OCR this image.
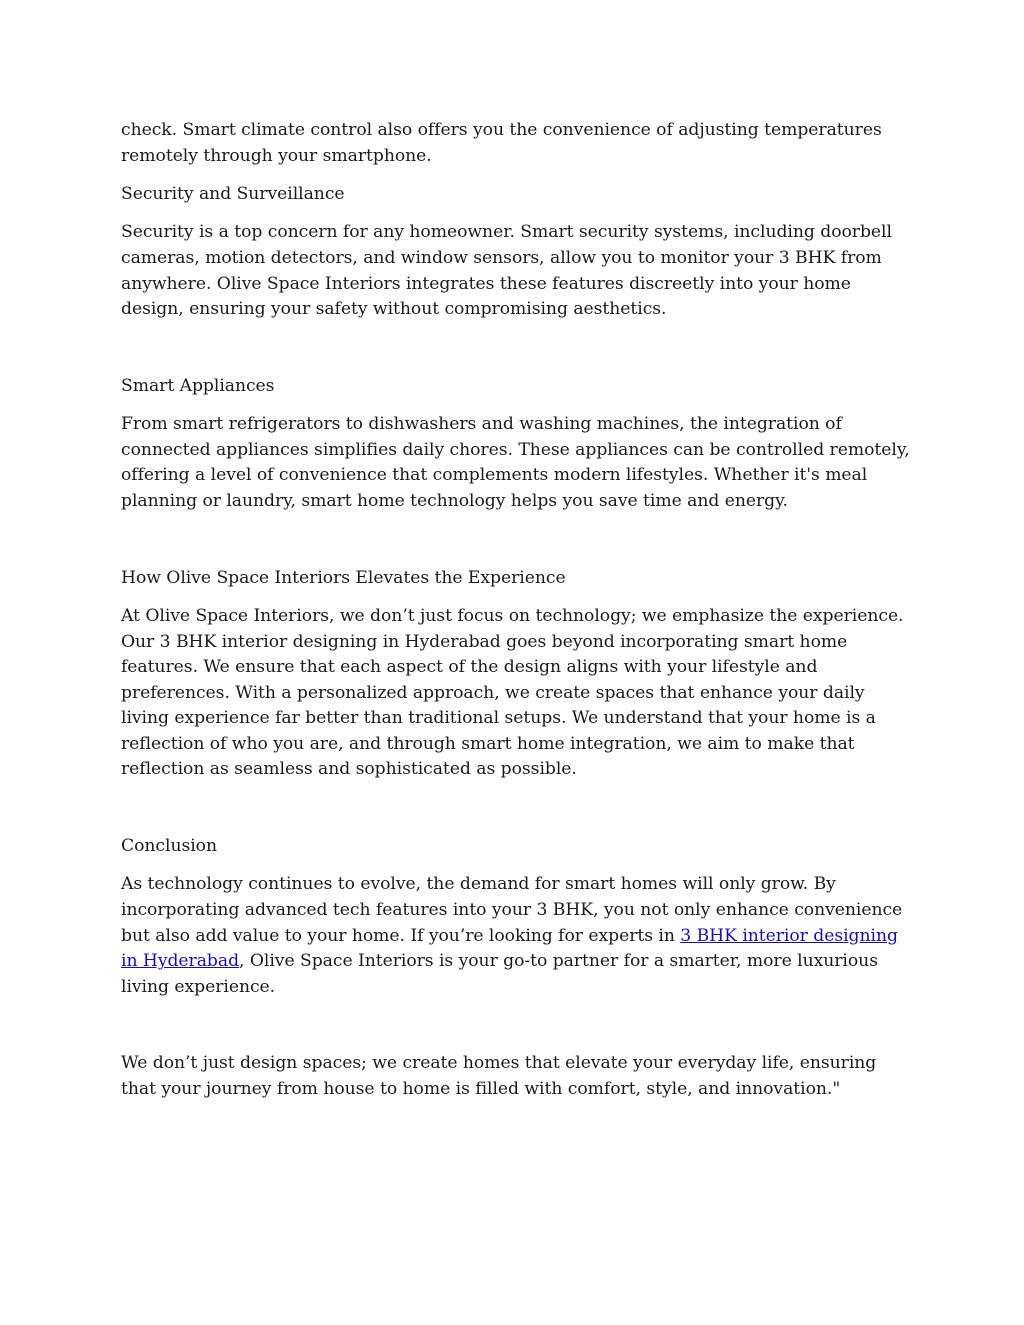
check. Smart climate control also offers you the convenience of adjusting temperatures remotely through your smartphone.

Security and Surveillance

Security is a top concern for any homeowner. Smart security systems, including doorbell cameras, motion detectors, and window sensors, allow you to monitor your 3 BHK from anywhere. Olive Space Interiors integrates these features discreetly into your home design, ensuring your safety without compromising aesthetics.

Smart Appliances

From smart refrigerators to dishwashers and washing machines, the integration of connected appliances simplifies daily chores. These appliances can be controlled remotely, offering a level of convenience that complements modern lifestyles. Whether it's meal planning or laundry, smart home technology helps you save time and energy.

How Olive Space Interiors Elevates the Experience

At Olive Space Interiors, we don’t just focus on technology; we emphasize the experience. Our 3 BHK interior designing in Hyderabad goes beyond incorporating smart home features. We ensure that each aspect of the design aligns with your lifestyle and preferences. With a personalized approach, we create spaces that enhance your daily living experience far better than traditional setups. We understand that your home is a reflection of who you are, and through smart home integration, we aim to make that reflection as seamless and sophisticated as possible.

Conclusion

As technology continues to evolve, the demand for smart homes will only grow. By incorporating advanced tech features into your 3 BHK, you not only enhance convenience but also add value to your home. If you’re looking for experts in 3 BHK interior designing in Hyderabad, Olive Space Interiors is your go-to partner for a smarter, more luxurious living experience.

We don’t just design spaces; we create homes that elevate your everyday life, ensuring that your journey from house to home is filled with comfort, style, and innovation."
